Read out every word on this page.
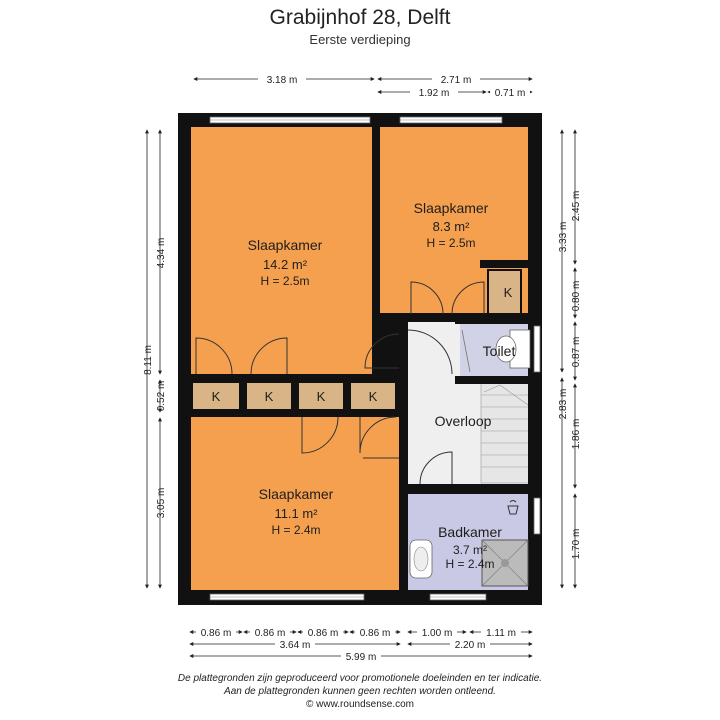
Grabijnhof 28, Delft
Eerste verdieping
Slaapkamer
14.2 m²
H = 2.5m
Slaapkamer
8.3 m²
H = 2.5m
Slaapkamer
11.1 m²
H = 2.4m
Toilet
Overloop
Badkamer
3.7 m²
H = 2.4m
K	K	K	K
K
3.18 m	2.71 m
1.92 m	0.71 m
4.34 m
8.11 m
0.52 m
3.05 m
2.45 m
3.33 m
0.80 m
0.87 m
2.83 m
1.86 m
1.70 m
0.86 m 0.86 m 0.86 m 0.86 m	1.00 m	1.11 m
3.64 m	2.20 m
5.99 m
De plattegronden zijn geproduceerd voor promotionele doeleinden en ter indicatie.
Aan de plattegronden kunnen geen rechten worden ontleend.
© www.roundsense.com
